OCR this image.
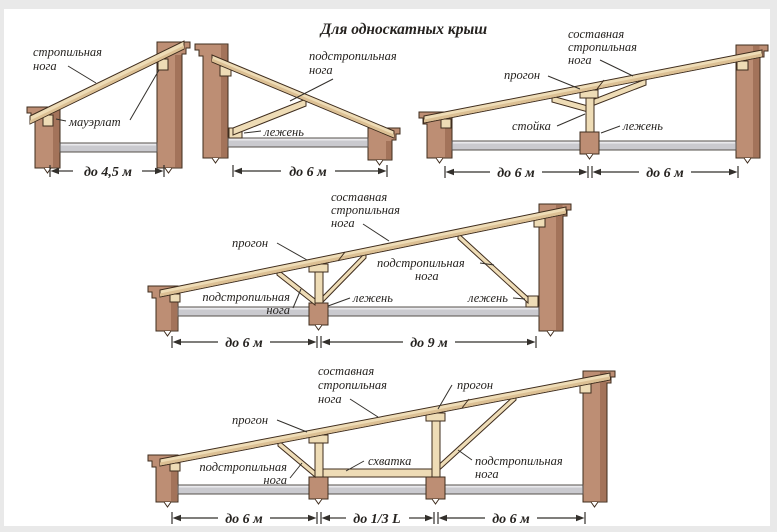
Для односкатных крыш
стропильная
нога
мауэрлат
до 4,5 м
подстропильная
нога
лежень
до 6 м
составная
стропильная
нога
прогон
стойка	лежень
до 6 м	до 6 м
составная
стропильная
нога
прогон
подстропильная
нога
подстропильная
нога
лежень	лежень
до 6 м	до 9 м
составная
стропильная
нога
прогон
прогон
подстропильная
нога
подстропильная
нога
схватка
до 6 м	до 1/3 L	до 6 м
